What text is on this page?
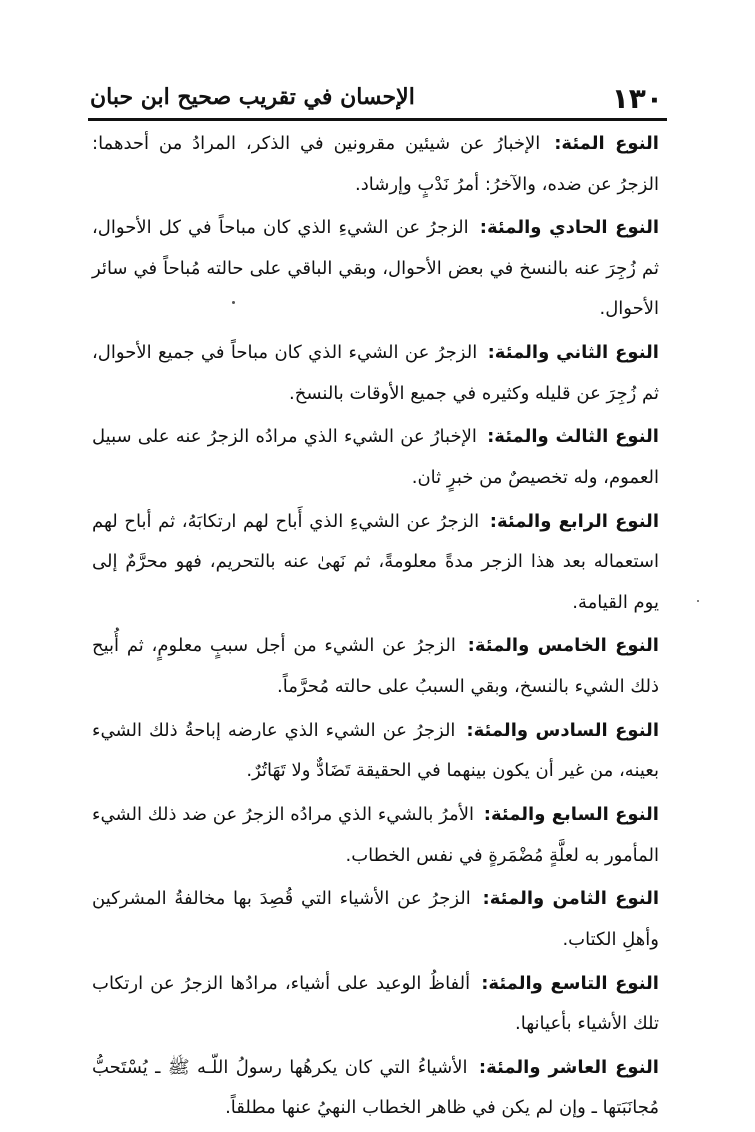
١٣٠
الإحسان في تقريب صحيح ابن حبان

النوع المئة: الإخبارُ عن شيئين مقرونين في الذكر، المرادُ من أحدهما: الزجرُ عن ضده، والآخرُ: أمرُ نَدْبٍ وإرشاد.

النوع الحادي والمئة: الزجرُ عن الشيءِ الذي كان مباحاً في كل الأحوال، ثم زُجِرَ عنه بالنسخ في بعض الأحوال، وبقي الباقي على حالته مُباحاً في سائر الأحوال.

النوع الثاني والمئة: الزجرُ عن الشيء الذي كان مباحاً في جميع الأحوال، ثم زُجِرَ عن قليله وكثيره في جميع الأوقات بالنسخ.

النوع الثالث والمئة: الإخبارُ عن الشيء الذي مرادُه الزجرُ عنه على سبيل العموم، وله تخصيصٌ من خبرٍ ثان.

النوع الرابع والمئة: الزجرُ عن الشيءِ الذي أَباح لهم ارتكابَهُ، ثم أباح لهم استعماله بعد هذا الزجر مدةً معلومةً، ثم نَهىٰ عنه بالتحريم، فهو محرَّمٌ إلى يوم القيامة.

النوع الخامس والمئة: الزجرُ عن الشيء من أجل سببٍ معلومٍ، ثم أُبيح ذلك الشيء بالنسخ، وبقي السببُ على حالته مُحرَّماً.

النوع السادس والمئة: الزجرُ عن الشيء الذي عارضه إباحةُ ذلك الشيء بعينه، من غير أن يكون بينهما في الحقيقة تَضَادٌّ ولا تَهَاتُرٌ.

النوع السابع والمئة: الأمرُ بالشيء الذي مرادُه الزجرُ عن ضد ذلك الشيء المأمور به لعلَّةٍ مُضْمَرةٍ في نفس الخطاب.

النوع الثامن والمئة: الزجرُ عن الأشياء التي قُصِدَ بها مخالفةُ المشركين وأهلِ الكتاب.

النوع التاسع والمئة: ألفاظُ الوعيد على أشياء، مرادُها الزجرُ عن ارتكاب تلك الأشياء بأعيانها.

النوع العاشر والمئة: الأشياءُ التي كان يكرهُها رسولُ اللّـه ﷺ ـ يُسْتَحبُّ مُجانَبَتها ـ وإن لم يكن في ظاهر الخطاب النهيُ عنها مطلقاً.
